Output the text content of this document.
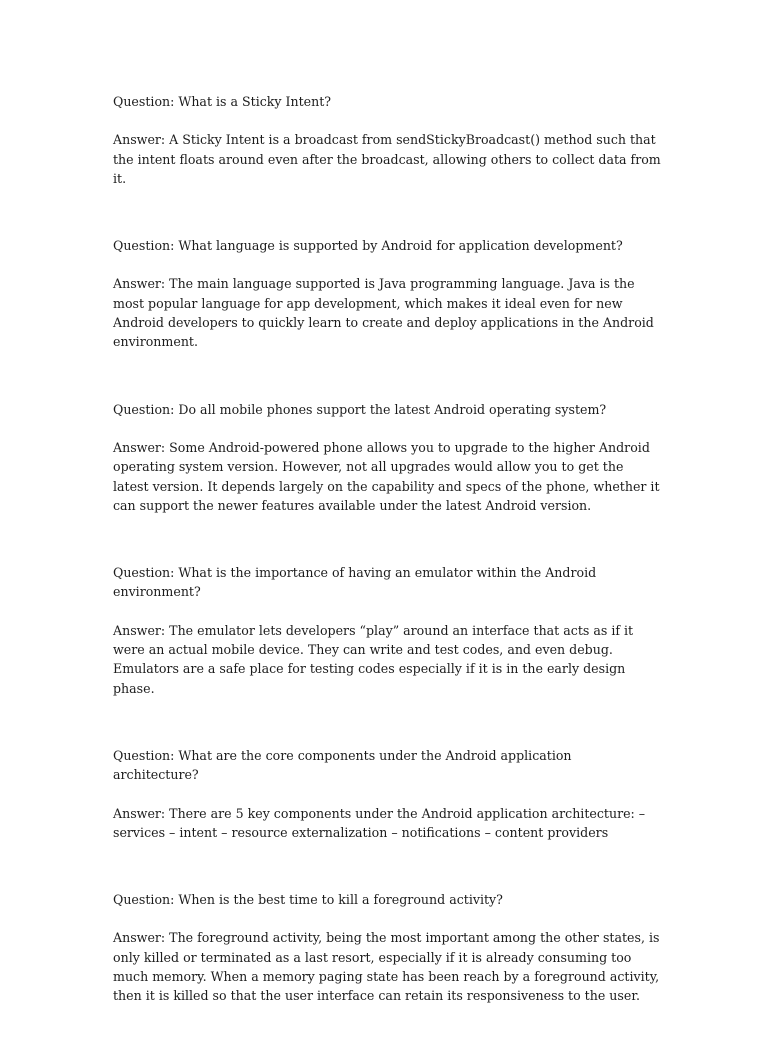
Question: What is a Sticky Intent?

Answer: A Sticky Intent is a broadcast from sendStickyBroadcast() method such that the intent floats around even after the broadcast, allowing others to collect data from it.

Question: What language is supported by Android for application development?

Answer: The main language supported is Java programming language. Java is the most popular language for app development, which makes it ideal even for new Android developers to quickly learn to create and deploy applications in the Android environment.

Question: Do all mobile phones support the latest Android operating system?

Answer: Some Android-powered phone allows you to upgrade to the higher Android operating system version. However, not all upgrades would allow you to get the latest version. It depends largely on the capability and specs of the phone, whether it can support the newer features available under the latest Android version.

Question: What is the importance of having an emulator within the Android environment?

Answer: The emulator lets developers “play” around an interface that acts as if it were an actual mobile device. They can write and test codes, and even debug. Emulators are a safe place for testing codes especially if it is in the early design phase.

Question: What are the core components under the Android application architecture?

Answer: There are 5 key components under the Android application architecture: – services – intent – resource externalization – notifications – content providers

Question: When is the best time to kill a foreground activity?

Answer: The foreground activity, being the most important among the other states, is only killed or terminated as a last resort, especially if it is already consuming too much memory. When a memory paging state has been reach by a foreground activity, then it is killed so that the user interface can retain its responsiveness to the user.
